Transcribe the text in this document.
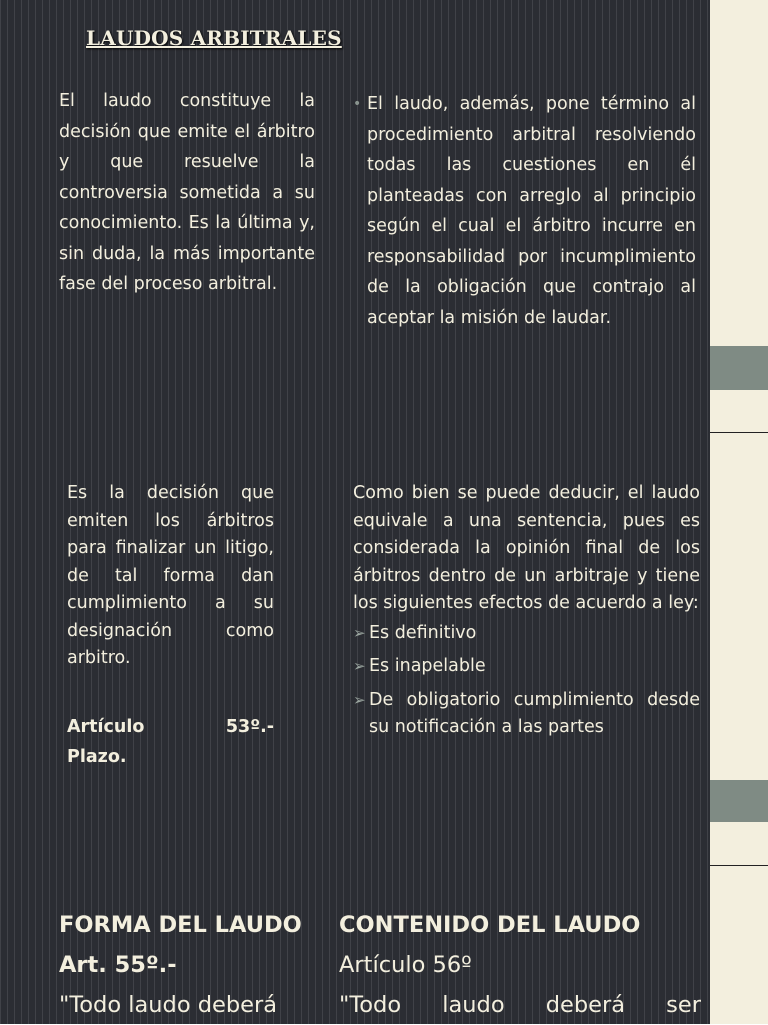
LAUDOS ARBITRALES

El laudo constituye la decisión que emite el árbitro y que resuelve la controversia sometida a su conocimiento. Es la última y, sin duda, la más importante fase del proceso arbitral.

• El laudo, además, pone término al procedimiento arbitral resolviendo todas las cuestiones en él planteadas con arreglo al principio según el cual el árbitro incurre en responsabilidad por incumplimiento de la obligación que contrajo al aceptar la misión de laudar.

Es la decisión que emiten los árbitros para finalizar un litigo, de tal forma dan cumplimiento a su designación como arbitro.

Artículo	53º.-
Plazo.

Como bien se puede deducir, el laudo equivale a una sentencia, pues es considerada la opinión final de los árbitros dentro de un arbitraje y tiene los siguientes efectos de acuerdo a ley:

➢ Es definitivo
➢ Es inapelable
➢ De obligatorio cumplimiento desde su notificación a las partes
FORMA DEL LAUDO
Art. 55º.-
"Todo laudo deberá
CONTENIDO DEL LAUDO
Artículo 56º
"Todo laudo deberá ser
